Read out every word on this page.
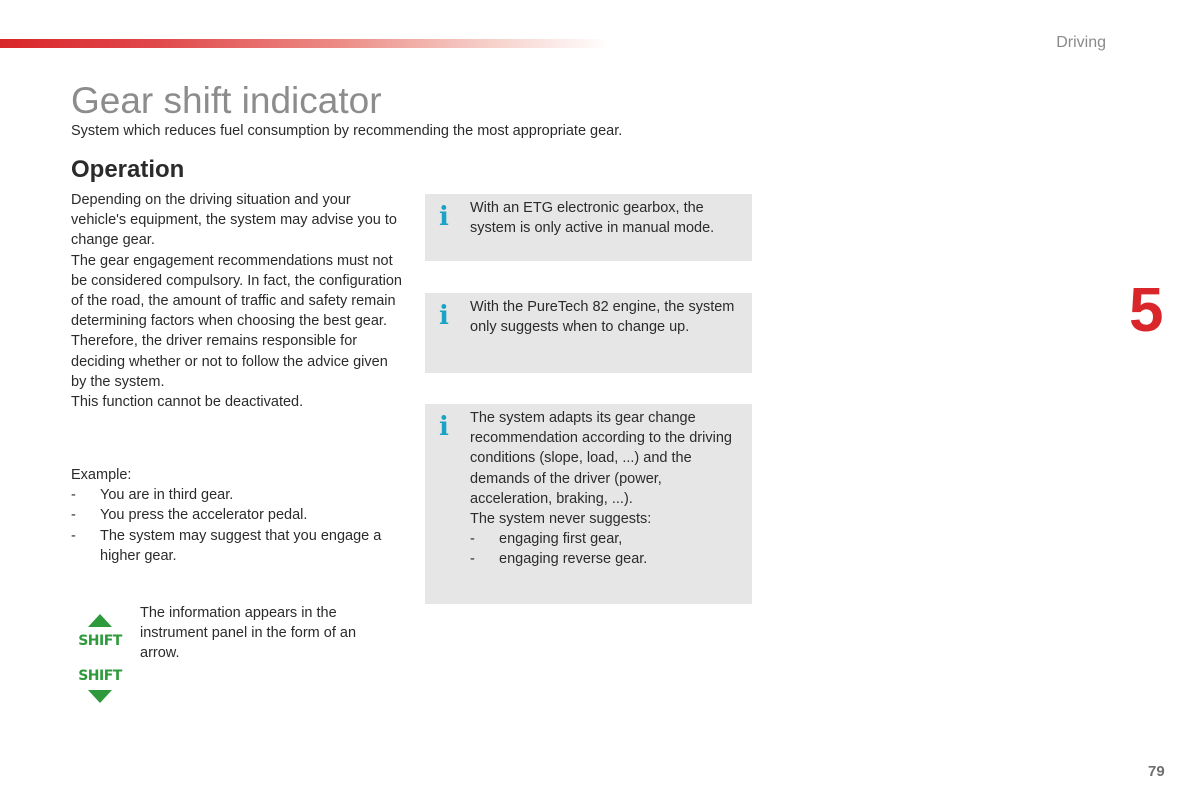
Driving
5
79
Gear shift indicator
System which reduces fuel consumption by recommending the most appropriate gear.
Operation

Depending on the driving situation and your vehicle's equipment, the system may advise you to change gear.

The gear engagement recommendations must not be considered compulsory. In fact, the configuration of the road, the amount of traffic and safety remain determining factors when choosing the best gear. Therefore, the driver remains responsible for deciding whether or not to follow the advice given by the system.

This function cannot be deactivated.

Example:
- You are in third gear.
- You press the accelerator pedal.
- The system may suggest that you engage a higher gear.
SHIFT
SHIFT
The information appears in the instrument panel in the form of an arrow.
i With an ETG electronic gearbox, the system is only active in manual mode.
i With the PureTech 82 engine, the system only suggests when to change up.
i The system adapts its gear change recommendation according to the driving conditions (slope, load, ...) and the demands of the driver (power, acceleration, braking, ...).
The system never suggests:
- engaging first gear,
- engaging reverse gear.
